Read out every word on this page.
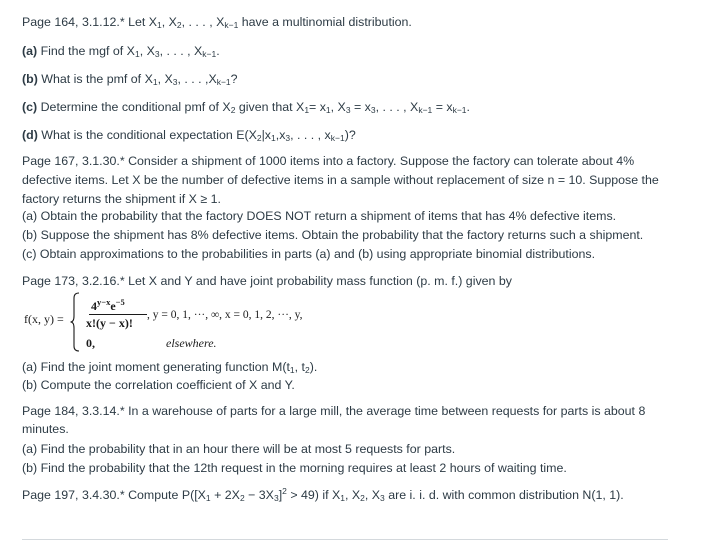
Page 164, 3.1.12.* Let $X_1$, $X_2$, . . . , $X_{k-1}$ have a multinomial distribution.
(a) Find the mgf of $X_1$, $X_3$, . . . , $X_{k-1}$.
(b) What is the pmf of $X_1$, $X_3$, . . . $,X_{k-1}$?
(c) Determine the conditional pmf of $X_2$ given that $X_1= x_1$, $X_3 = x_3$, . . . , $X_{k-1} = x_{k-1}$.
(d) What is the conditional expectation $E(X_2|x_1,x_3$, . . . , $x_{k-1}$)?
Page 167, 3.1.30.* Consider a shipment of 1000 items into a factory. Suppose the factory can tolerate about 4%
defective items. Let X be the number of defective items in a sample without replacement of size n = 10. Suppose the
factory returns the shipment if X ≥ 1.
(a) Obtain the probability that the factory DOES NOT return a shipment of items that has 4% defective items.
(b) Suppose the shipment has 8% defective items. Obtain the probability that the factory returns such a shipment.
(c) Obtain approximations to the probabilities in parts (a) and (b) using appropriate binomial distributions.
Page 173, 3.2.16.* Let X and Y and have joint probability mass function (p. m. f.) given by
f(x, y) =
$4^{y-x}e^{-5}$
x!(y − x)!
, y = 0, 1, ···, ∞, x = 0, 1, 2, ···, y,
0,	elsewhere.
(a) Find the joint moment generating function $M(t_1$, $t_2$).
(b) Compute the correlation coefficient of X and Y.
Page 184, 3.3.14.* In a warehouse of parts for a large mill, the average time between requests for parts is about 8
minutes.
(a) Find the probability that in an hour there will be at most 5 requests for parts.
(b) Find the probability that the 12th request in the morning requires at least 2 hours of waiting time.
Page 197, 3.4.30.* Compute $P([X_1 + 2X_2 - 3X_3]^2 > 49)$ if $X_1$, $X_2$, $X_3$ are i. i. d. with common distribution N(1, 1).
